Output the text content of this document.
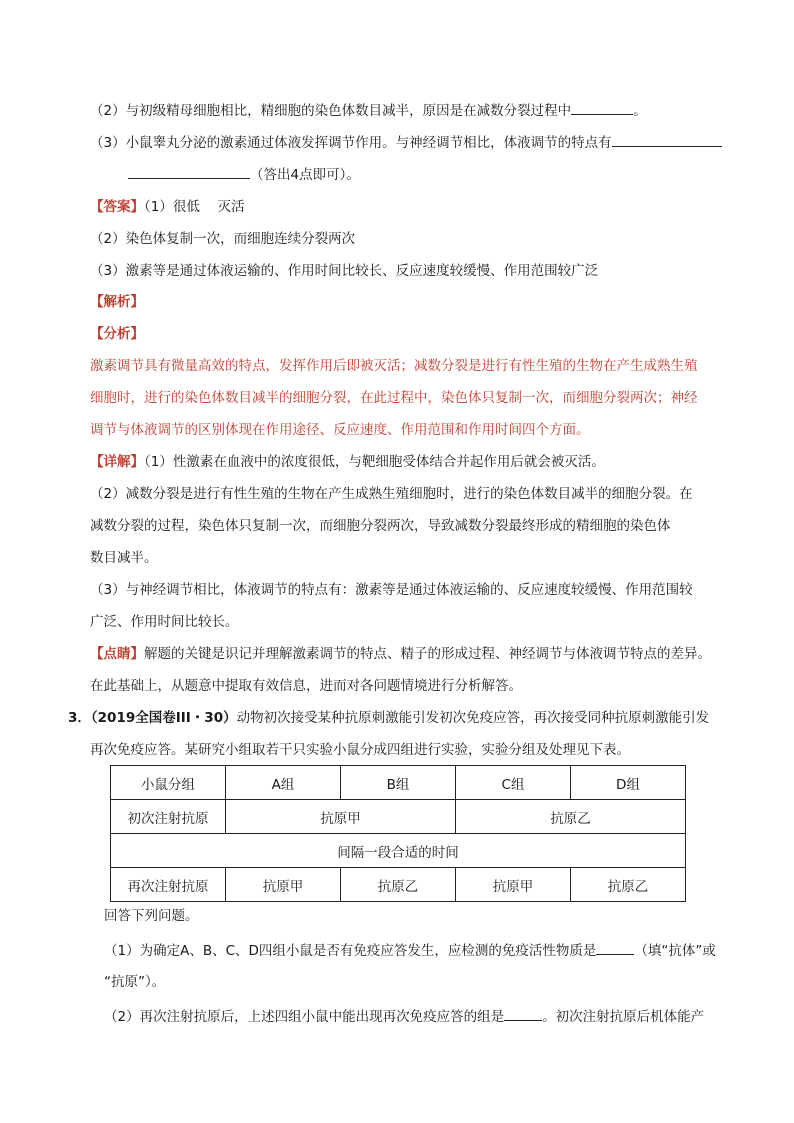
（2）与初级精母细胞相比，精细胞的染色体数目减半，原因是在减数分裂过程中	。
（3）小鼠睾丸分泌的激素通过体液发挥调节作用。与神经调节相比，体液调节的特点有
（答出4点即可）。
【答案】（1）很低　 灭活
（2）染色体复制一次，而细胞连续分裂两次
（3）激素等是通过体液运输的、作用时间比较长、反应速度较缓慢、作用范围较广泛
【解析】
【分析】
激素调节具有微量高效的特点，发挥作用后即被灭活；减数分裂是进行有性生殖的生物在产生成熟生殖
细胞时，进行的染色体数目减半的细胞分裂，在此过程中，染色体只复制一次，而细胞分裂两次；神经
调节与体液调节的区别体现在作用途径、反应速度、作用范围和作用时间四个方面。
【详解】（1）性激素在血液中的浓度很低，与靶细胞受体结合并起作用后就会被灭活。
（2）减数分裂是进行有性生殖的生物在产生成熟生殖细胞时，进行的染色体数目减半的细胞分裂。在
减数分裂的过程，染色体只复制一次，而细胞分裂两次，导致减数分裂最终形成的精细胞的染色体
数目减半。
（3）与神经调节相比，体液调节的特点有：激素等是通过体液运输的、反应速度较缓慢、作用范围较
广泛、作用时间比较长。
【点睛】解题的关键是识记并理解激素调节的特点、精子的形成过程、神经调节与体液调节特点的差异。
在此基础上，从题意中提取有效信息，进而对各问题情境进行分析解答。
3．（2019全国卷III・30）动物初次接受某种抗原刺激能引发初次免疫应答，再次接受同种抗原刺激能引发
再次免疫应答。某研究小组取若干只实验小鼠分成四组进行实验，实验分组及处理见下表。
小鼠分组	A组	B组	C组	D组
初次注射抗原	抗原甲		抗原乙	
间隔一段合适的时间				
再次注射抗原	抗原甲	抗原乙	抗原甲	抗原乙
回答下列问题。
（1）为确定A、B、C、D四组小鼠是否有免疫应答发生，应检测的免疫活性物质是	（填“抗体”或
“抗原”）。
（2）再次注射抗原后，上述四组小鼠中能出现再次免疫应答的组是	。初次注射抗原后机体能产
